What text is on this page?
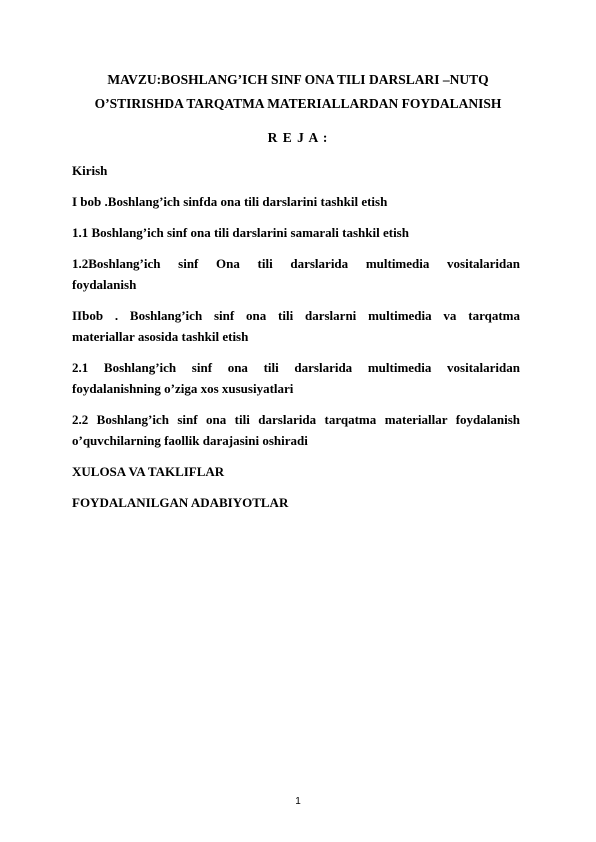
MAVZU:BOSHLANG’ICH SINF ONA TILI DARSLARI –NUTQ
O’STIRISHDA TARQATMA MATERIALLARDAN FOYDALANISH
R E J A :

Kirish

I bob .Boshlang’ich sinfda ona tili darslarini tashkil etish

1.1 Boshlang’ich sinf ona tili darslarini samarali tashkil etish

1.2Boshlang’ich sinf Ona tili darslarida multimedia vositalaridan
foydalanish

IIbob . Boshlang’ich sinf ona tili darslarni multimedia va tarqatma
materiallar asosida tashkil etish

2.1 Boshlang’ich sinf ona tili darslarida multimedia vositalaridan
foydalanishning o’ziga xos xususiyatlari

2.2 Boshlang’ich sinf ona tili darslarida tarqatma materiallar foydalanish
o’quvchilarning faollik darajasini oshiradi

XULOSA VA TAKLIFLAR

FOYDALANILGAN ADABIYOTLAR

1
